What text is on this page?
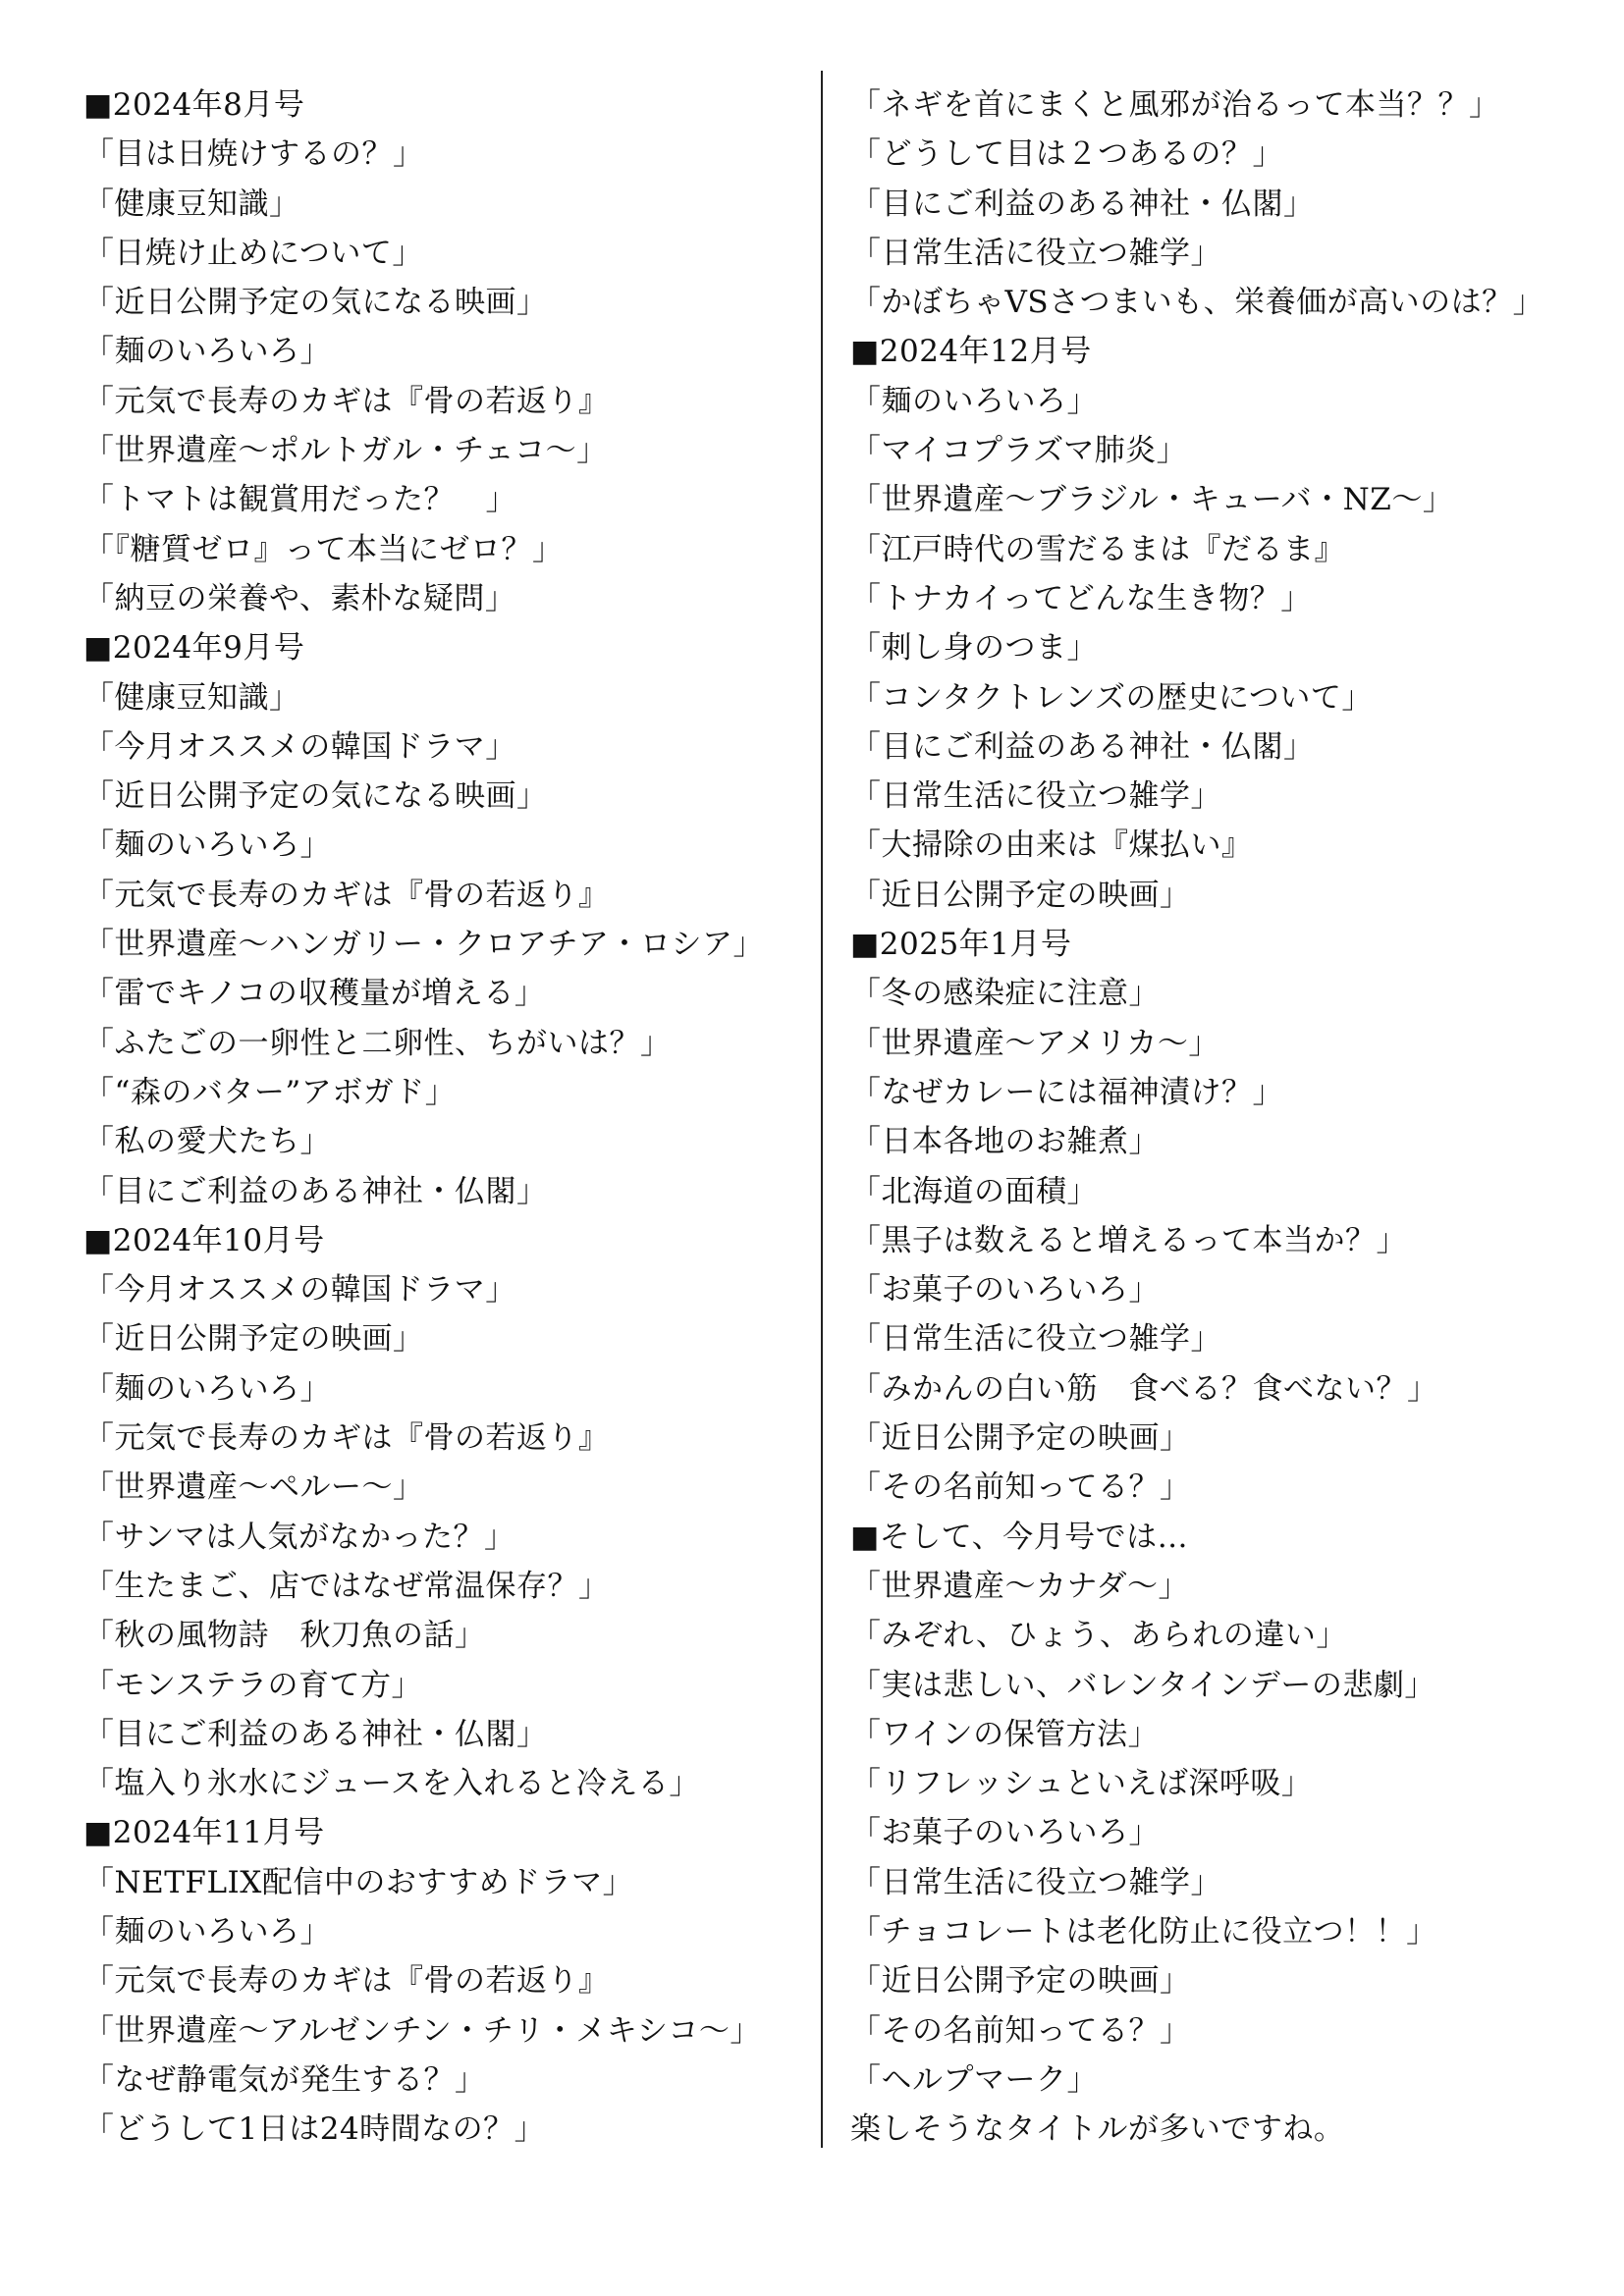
■2024年8月号
「目は日焼けするの？」
「健康豆知識」
「日焼け止めについて」
「近日公開予定の気になる映画」
「麺のいろいろ」
「元気で長寿のカギは『骨の若返り』
「世界遺産～ポルトガル・チェコ～」
「トマトは観賞用だった？　」
「『糖質ゼロ』って本当にゼロ？」
「納豆の栄養や、素朴な疑問」
■2024年9月号
「健康豆知識」
「今月オススメの韓国ドラマ」
「近日公開予定の気になる映画」
「麺のいろいろ」
「元気で長寿のカギは『骨の若返り』
「世界遺産～ハンガリー・クロアチア・ロシア」
「雷でキノコの収穫量が増える」
「ふたごの一卵性と二卵性、ちがいは？」
「“森のバター”アボガド」
「私の愛犬たち」
「目にご利益のある神社・仏閣」
■2024年10月号
「今月オススメの韓国ドラマ」
「近日公開予定の映画」
「麺のいろいろ」
「元気で長寿のカギは『骨の若返り』
「世界遺産～ペルー～」
「サンマは人気がなかった？」
「生たまご、店ではなぜ常温保存？」
「秋の風物詩　秋刀魚の話」
「モンステラの育て方」
「目にご利益のある神社・仏閣」
「塩入り氷水にジュースを入れると冷える」
■2024年11月号
「NETFLIX配信中のおすすめドラマ」
「麺のいろいろ」
「元気で長寿のカギは『骨の若返り』
「世界遺産～アルゼンチン・チリ・メキシコ～」
「なぜ静電気が発生する？」
「どうして1日は24時間なの？」
「ネギを首にまくと風邪が治るって本当？？」
「どうして目は２つあるの？」
「目にご利益のある神社・仏閣」
「日常生活に役立つ雑学」
「かぼちゃVSさつまいも、栄養価が高いのは？」
■2024年12月号
「麺のいろいろ」
「マイコプラズマ肺炎」
「世界遺産～ブラジル・キューバ・NZ～」
「江戸時代の雪だるまは『だるま』
「トナカイってどんな生き物？」
「刺し身のつま」
「コンタクトレンズの歴史について」
「目にご利益のある神社・仏閣」
「日常生活に役立つ雑学」
「大掃除の由来は『煤払い』
「近日公開予定の映画」
■2025年1月号
「冬の感染症に注意」
「世界遺産～アメリカ～」
「なぜカレーには福神漬け？」
「日本各地のお雑煮」
「北海道の面積」
「黒子は数えると増えるって本当か？」
「お菓子のいろいろ」
「日常生活に役立つ雑学」
「みかんの白い筋　食べる？食べない？」
「近日公開予定の映画」
「その名前知ってる？」
■そして、今月号では…
「世界遺産～カナダ～」
「みぞれ、ひょう、あられの違い」
「実は悲しい、バレンタインデーの悲劇」
「ワインの保管方法」
「リフレッシュといえば深呼吸」
「お菓子のいろいろ」
「日常生活に役立つ雑学」
「チョコレートは老化防止に役立つ！！」
「近日公開予定の映画」
「その名前知ってる？」
「ヘルプマーク」
楽しそうなタイトルが多いですね。
